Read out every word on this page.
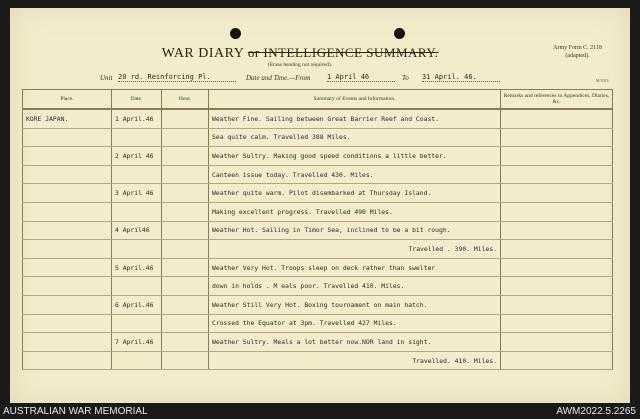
WAR DIARY or INTELLIGENCE SUMMARY.
(Erase heading not required).
Army Form C. 2118
(adapted).
Unit 20 rd. Reinforcing Pl.	Date and Time.—From 1 April 46	To 31 April. 46.	M 5013
Place.	Date.	Hour.	Summary of Events and Information.	Remarks and references to Appendices, Diaries, &c.
KORE JAPAN.	1 April.46		Weather Fine. Sailing between Great Barrier Reef and Coast.	
			Sea quite calm. Travelled 388 Miles.	
	2 April 46		Weather Sultry. Making good speed conditions a little better.	
			Canteen issue today. Travelled 430. Miles.	
	3 April 46		Weather quite warm. Pilot disembarked at Thursday Island.	
			Making excellent progress. Travelled 490 Miles.	
	4 April46		Weather Hot. Sailing in Timor Sea, inclined to be a bit rough.	
			Travelled . 390. Miles.	
	5 April.46		Weather Very Hot. Troops sleep on deck rather than swelter	
			down in holds . M eals poor. Travelled 410. Miles.	
	6 April.46		Weather Still Very Hot. Boxing tournament on main hatch.	
			Crossed the Equator at 3pm. Travelled 427 Miles.	
	7 April.46		Weather Sultry. Meals a lot better now.NOR land in sight.	
			Travelled. 410. Miles.	
AUSTRALIAN WAR MEMORIAL	AWM2022.5.2265
